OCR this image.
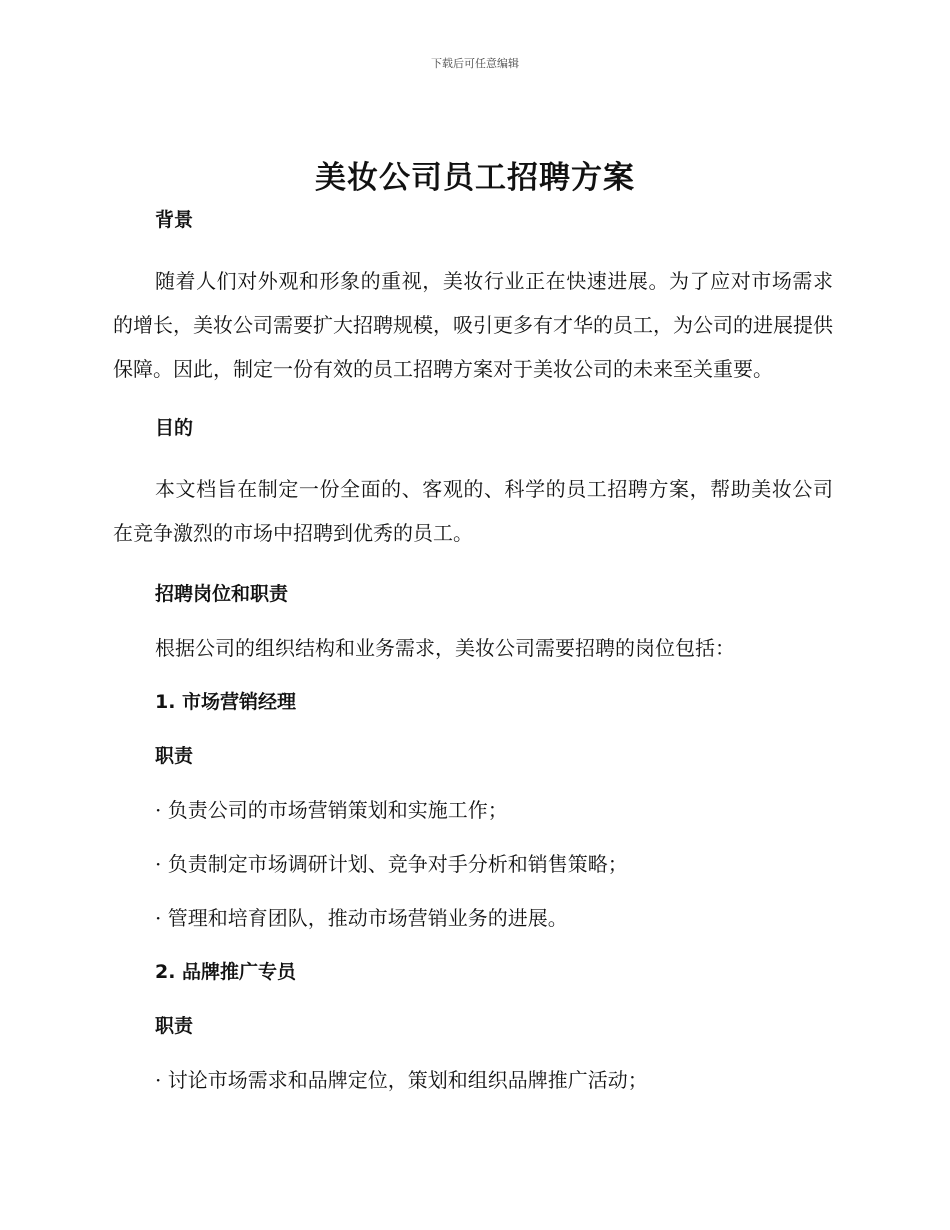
下载后可任意编辑
美妆公司员工招聘方案

背景

随着人们对外观和形象的重视，美妆行业正在快速进展。为了应对市场需求的增长，美妆公司需要扩大招聘规模，吸引更多有才华的员工，为公司的进展提供保障。因此，制定一份有效的员工招聘方案对于美妆公司的未来至关重要。

目的

本文档旨在制定一份全面的、客观的、科学的员工招聘方案，帮助美妆公司在竞争激烈的市场中招聘到优秀的员工。

招聘岗位和职责

根据公司的组织结构和业务需求，美妆公司需要招聘的岗位包括：

1. 市场营销经理

职责

· 负责公司的市场营销策划和实施工作；

· 负责制定市场调研计划、竞争对手分析和销售策略；

· 管理和培育团队，推动市场营销业务的进展。

2. 品牌推广专员

职责

· 讨论市场需求和品牌定位，策划和组织品牌推广活动；
